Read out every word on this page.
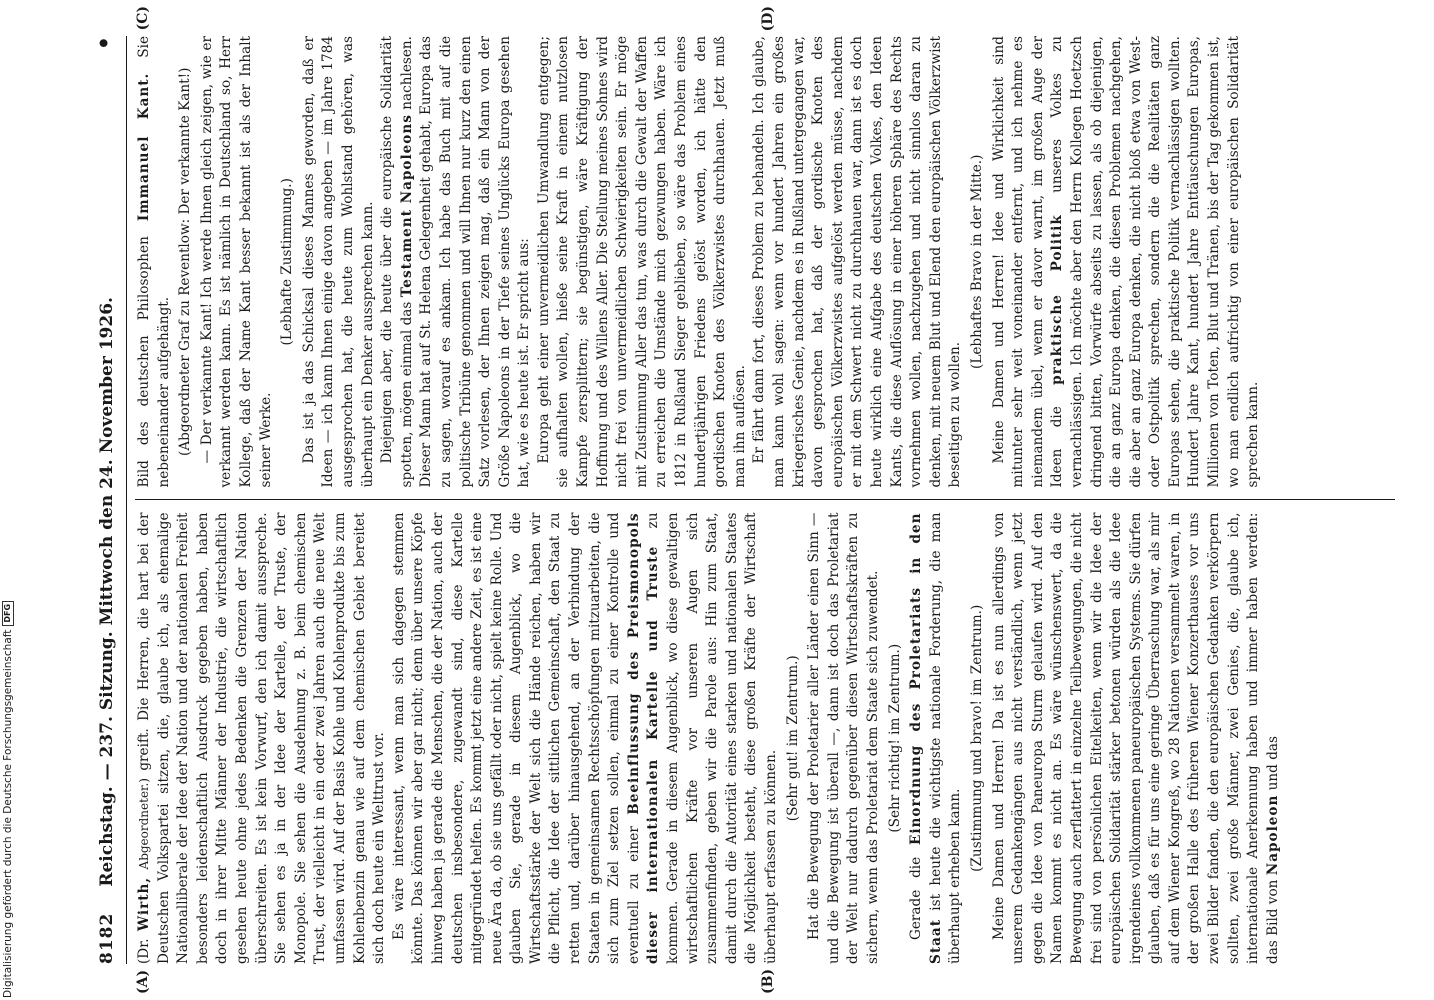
8182
Reichstag. — 237. Sitzung. Mittwoch den 24. November 1926.
•
(A)	(B)
(C)	(D)

(Dr. Wirth, Abgeordneter.) greift. Die Herren, die hart bei der Deutschen Volkspartei sitzen, die, glaube ich, als ehemalige Nationalliberale der Idee der Nation und der nationalen Freiheit besonders leidenschaftlich Ausdruck gegeben haben, haben doch in ihrer Mitte Männer der Industrie, die wirtschaftlich gesehen heute ohne jedes Bedenken die Grenzen der Nation überschreiten. Es ist kein Vorwurf, den ich damit ausspreche. Sie sehen es ja in der Idee der Kartelle, der Truste, der Monopole. Sie sehen die Ausdehnung z. B. beim chemischen Trust, der vielleicht in ein oder zwei Jahren auch die neue Welt umfassen wird. Auf der Basis Kohle und Kohlenprodukte bis zum Kohlenbenzin genau wie auf dem chemischen Gebiet bereitet sich doch heute ein Welttrust vor. Es wäre interessant, wenn man sich dagegen stemmen könnte. Das können wir aber gar nicht; denn über unsere Köpfe hinweg haben ja gerade die Menschen, die der Nation, auch der deutschen insbesondere, zugewandt sind, diese Kartelle mitgegründet helfen. Es kommt jetzt eine andere Zeit, es ist eine neue Ära da, ob sie uns gefällt oder nicht, spielt keine Rolle. Und glauben Sie, gerade in diesem Augenblick, wo die Wirtschaftsstärke der Welt sich die Hände reichen, haben wir die Pflicht, die Idee der sittlichen Gemeinschaft, den Staat zu retten und, darüber hinausgehend, an der Verbindung der Staaten in gemeinsamen Rechtsschöpfungen mitzuarbeiten, die sich zum Ziel setzen sollen, einmal zu einer Kontrolle und eventuell zu einer Beeinflussung des Preismonopols dieser internationalen Kartelle und Truste zu kommen. Gerade in diesem Augenblick, wo diese gewaltigen wirtschaftlichen Kräfte vor unseren Augen sich zusammenfinden, geben wir die Parole aus: Hin zum Staat, damit durch die Autorität eines starken und nationalen Staates die Möglichkeit besteht, diese großen Kräfte der Wirtschaft überhaupt erfassen zu können.

(Sehr gut! im Zentrum.) Hat die Bewegung der Proletarier aller Länder einen Sinn — und die Bewegung ist überall —, dann ist doch das Proletariat der Welt nur dadurch gegenüber diesen Wirtschaftskräften zu sichern, wenn das Proletariat dem Staate sich zuwendet. (Sehr richtig! im Zentrum.)

Gerade die Einordnung des Proletariats in den Staat ist heute die wichtigste nationale Forderung, die man überhaupt erheben kann.

(Zustimmung und bravo! im Zentrum.) Meine Damen und Herren! Da ist es nun allerdings von unserem Gedankengängen aus nicht verständlich, wenn jetzt gegen die Idee von Paneuropa Sturm gelaufen wird. Auf den Namen kommt es nicht an. Es wäre wünschenswert, da die Bewegung auch zerflattert in einzelne Teilbewegungen, die nicht frei sind von persönlichen Eitelkeiten, wenn wir die Idee der europäischen Solidarität stärker betonen würden als die Idee irgendeines vollkommenen paneuropäischen Systems. Sie dürfen glauben, daß es für uns eine geringe Überraschung war, als mir auf dem Wiener Kongreß, wo 28 Nationen versammelt waren, in der großen Halle des früheren Wiener Konzerthauses vor uns zwei Bilder fanden, die den europäischen Gedanken verkörpern sollten, zwei große Männer, zwei Genies, die, glaube ich, internationale Anerkennung haben und immer haben werden: das Bild von Napoleon und das

Bild des deutschen Philosophen Immanuel Kant. Sie nebeneinander aufgehängt. (Abgeordneter Graf zu Reventlow: Der verkannte Kant!) — Der verkannte Kant! Ich werde Ihnen gleich zeigen, wie er verkannt werden kann. Es ist nämlich in Deutschland so, Herr Kollege, daß der Name Kant besser bekannt ist als der Inhalt seiner Werke.

(Lebhafte Zustimmung.) Das ist ja das Schicksal dieses Mannes geworden, daß er Ideen — ich kann Ihnen einige davon angeben — im Jahre 1784 ausgesprochen hat, die heute zum Wohlstand gehören, was überhaupt ein Denker aussprechen kann. Diejenigen aber, die heute über die europäische Solidarität spotten, mögen einmal das Testament Napoleons nachlesen. Dieser Mann hat auf St. Helena Gelegenheit gehabt, Europa das zu sagen, worauf es ankam. Ich habe das Buch mit auf die politische Tribüne genommen und will Ihnen nur kurz den einen Satz vorlesen, der Ihnen zeigen mag, daß ein Mann von der Größe Napoleons in der Tiefe seines Unglücks Europa gesehen hat, wie es heute ist. Er spricht aus: Europa geht einer unvermeidlichen Umwandlung entgegen; sie aufhalten wollen, hieße seine Kraft in einem nutzlosen Kampfe zersplittern; sie begünstigen, wäre Kräftigung der Hoffnung und des Willens Aller. Die Stellung meines Sohnes wird nicht frei von unvermeidlichen Schwierigkeiten sein. Er möge mit Zustimmung Aller das tun, was durch die Gewalt der Waffen zu erreichen die Umstände mich gezwungen haben. Wäre ich 1812 in Rußland Sieger geblieben, so wäre das Problem eines hundertjährigen Friedens gelöst worden, ich hätte den gordischen Knoten des Völkerzwistes durchhauen. Jetzt muß man ihn auflösen. Er fährt dann fort, dieses Problem zu behandeln. Ich glaube, man kann wohl sagen: wenn vor hundert Jahren ein großes kriegerisches Genie, nachdem es in Rußland untergegangen war, davon gesprochen hat, daß der gordische Knoten des europäischen Völkerzwistes aufgelöst werden müsse, nachdem er mit dem Schwert nicht zu durchhauen war, dann ist es doch heute wirklich eine Aufgabe des deutschen Volkes, den Ideen Kants, die diese Auflösung in einer höheren Sphäre des Rechts vornehmen wollen, nachzugehen und nicht sinnlos daran zu denken, mit neuem Blut und Elend den europäischen Völkerzwist beseitigen zu wollen.

(Lebhaftes Bravo in der Mitte.) Meine Damen und Herren! Idee und Wirklichkeit sind mitunter sehr weit voneinander entfernt, und ich nehme es niemandem übel, wenn er davor warnt, im großen Auge der Ideen die praktische Politik unseres Volkes zu vernachlässigen. Ich möchte aber den Herrn Kollegen Hoetzsch dringend bitten, Vorwürfe abseits zu lassen, als ob diejenigen, die an ganz Europa denken, die diesen Problemen nachgehen, die aber an ganz Europa denken, die nicht bloß etwa von West- oder Ostpolitik sprechen, sondern die die Realitäten ganz Europas sehen, die praktische Politik vernachlässigen wollten. Hundert Jahre Kant, hundert Jahre Enttäuschungen Europas, Millionen von Toten, Blut und Tränen, bis der Tag gekommen ist, wo man endlich aufrichtig von einer europäischen Solidarität sprechen kann.

Digitalisierung gefördert durch die Deutsche Forschungsgemeinschaft
DFG
